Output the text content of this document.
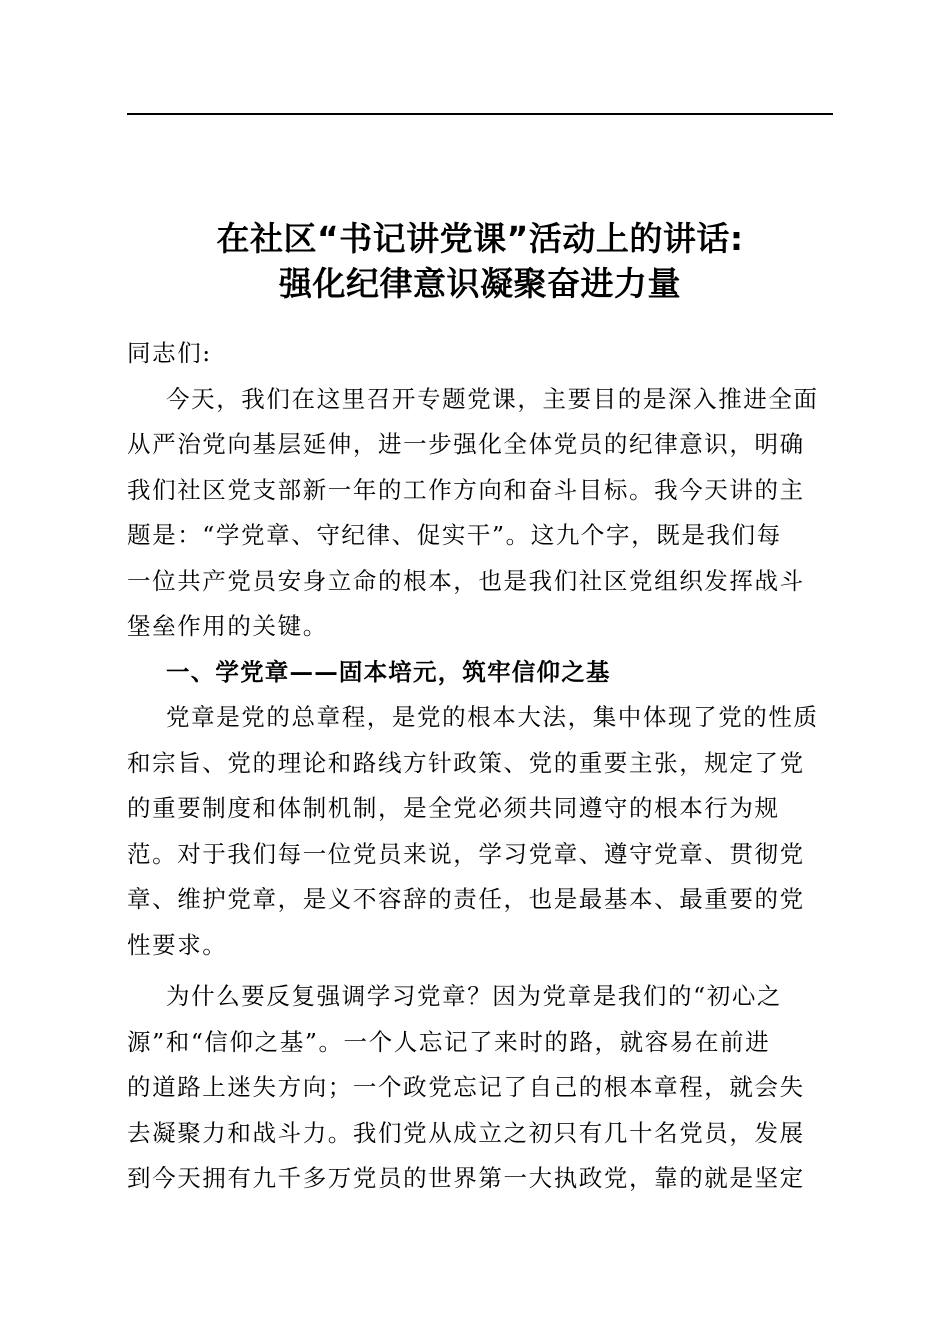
在社区“书记讲党课”活动上的讲话:
强化纪律意识凝聚奋进力量

同志们:

今天，我们在这里召开专题党课，主要目的是深入推进全面

从严治党向基层延伸，进一步强化全体党员的纪律意识，明确

我们社区党支部新一年的工作方向和奋斗目标。我今天讲的主

题是：“学党章、守纪律、促实干”。这九个字，既是我们每

一位共产党员安身立命的根本，也是我们社区党组织发挥战斗

堡垒作用的关键。

一、学党章——固本培元，筑牢信仰之基

党章是党的总章程，是党的根本大法，集中体现了党的性质

和宗旨、党的理论和路线方针政策、党的重要主张，规定了党

的重要制度和体制机制，是全党必须共同遵守的根本行为规

范。对于我们每一位党员来说，学习党章、遵守党章、贯彻党

章、维护党章，是义不容辞的责任，也是最基本、最重要的党

性要求。

为什么要反复强调学习党章？因为党章是我们的“初心之

源”和“信仰之基”。一个人忘记了来时的路，就容易在前进

的道路上迷失方向；一个政党忘记了自己的根本章程，就会失

去凝聚力和战斗力。我们党从成立之初只有几十名党员，发展

到今天拥有九千多万党员的世界第一大执政党，靠的就是坚定
